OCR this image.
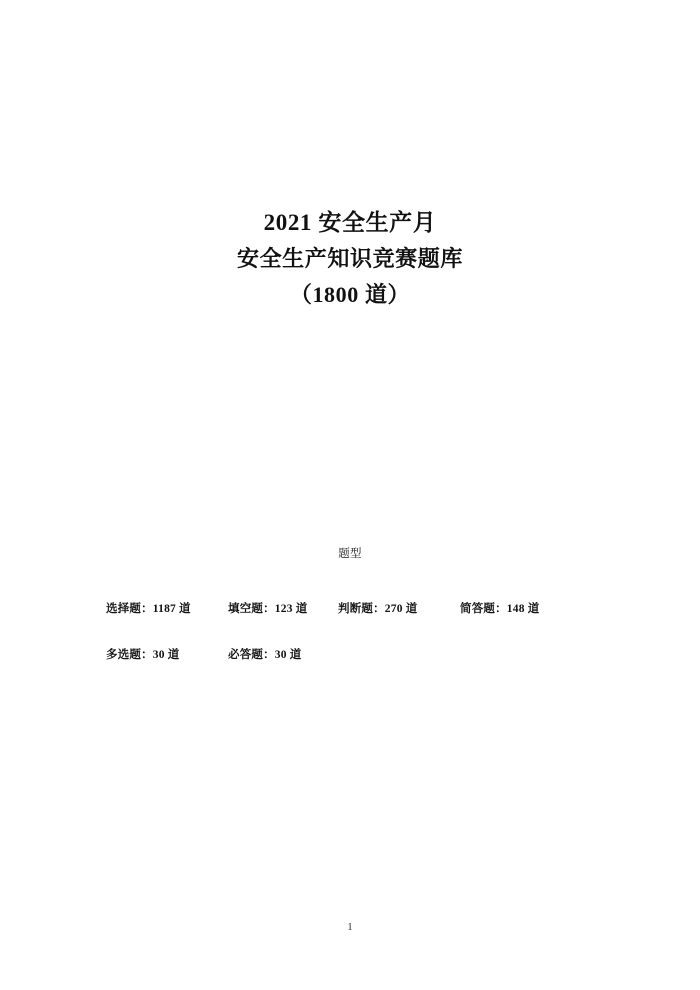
2021 安全生产月
安全生产知识竞赛题库
（1800 道）
题型
选择题：1187 道	填空题：123 道	判断题：270 道	简答题：148 道
多选题：30 道	必答题：30 道
1
